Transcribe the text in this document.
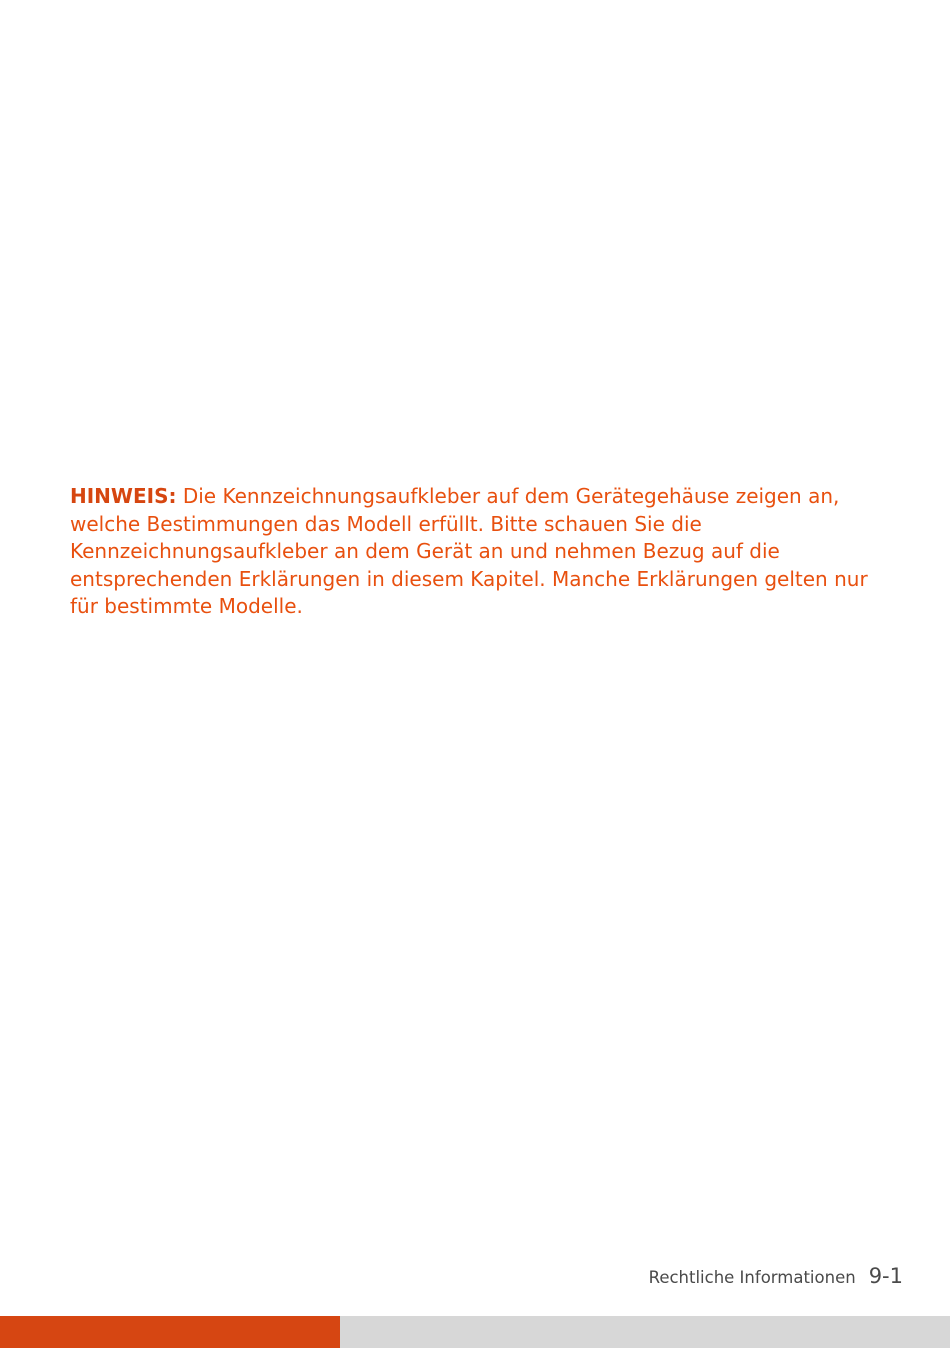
HINWEIS: Die Kennzeichnungsaufkleber auf dem Gerätegehäuse zeigen an, welche Bestimmungen das Modell erfüllt. Bitte schauen Sie die Kennzeichnungsaufkleber an dem Gerät an und nehmen Bezug auf die entsprechenden Erklärungen in diesem Kapitel. Manche Erklärungen gelten nur für bestimmte Modelle.

Rechtliche Informationen 9-1
